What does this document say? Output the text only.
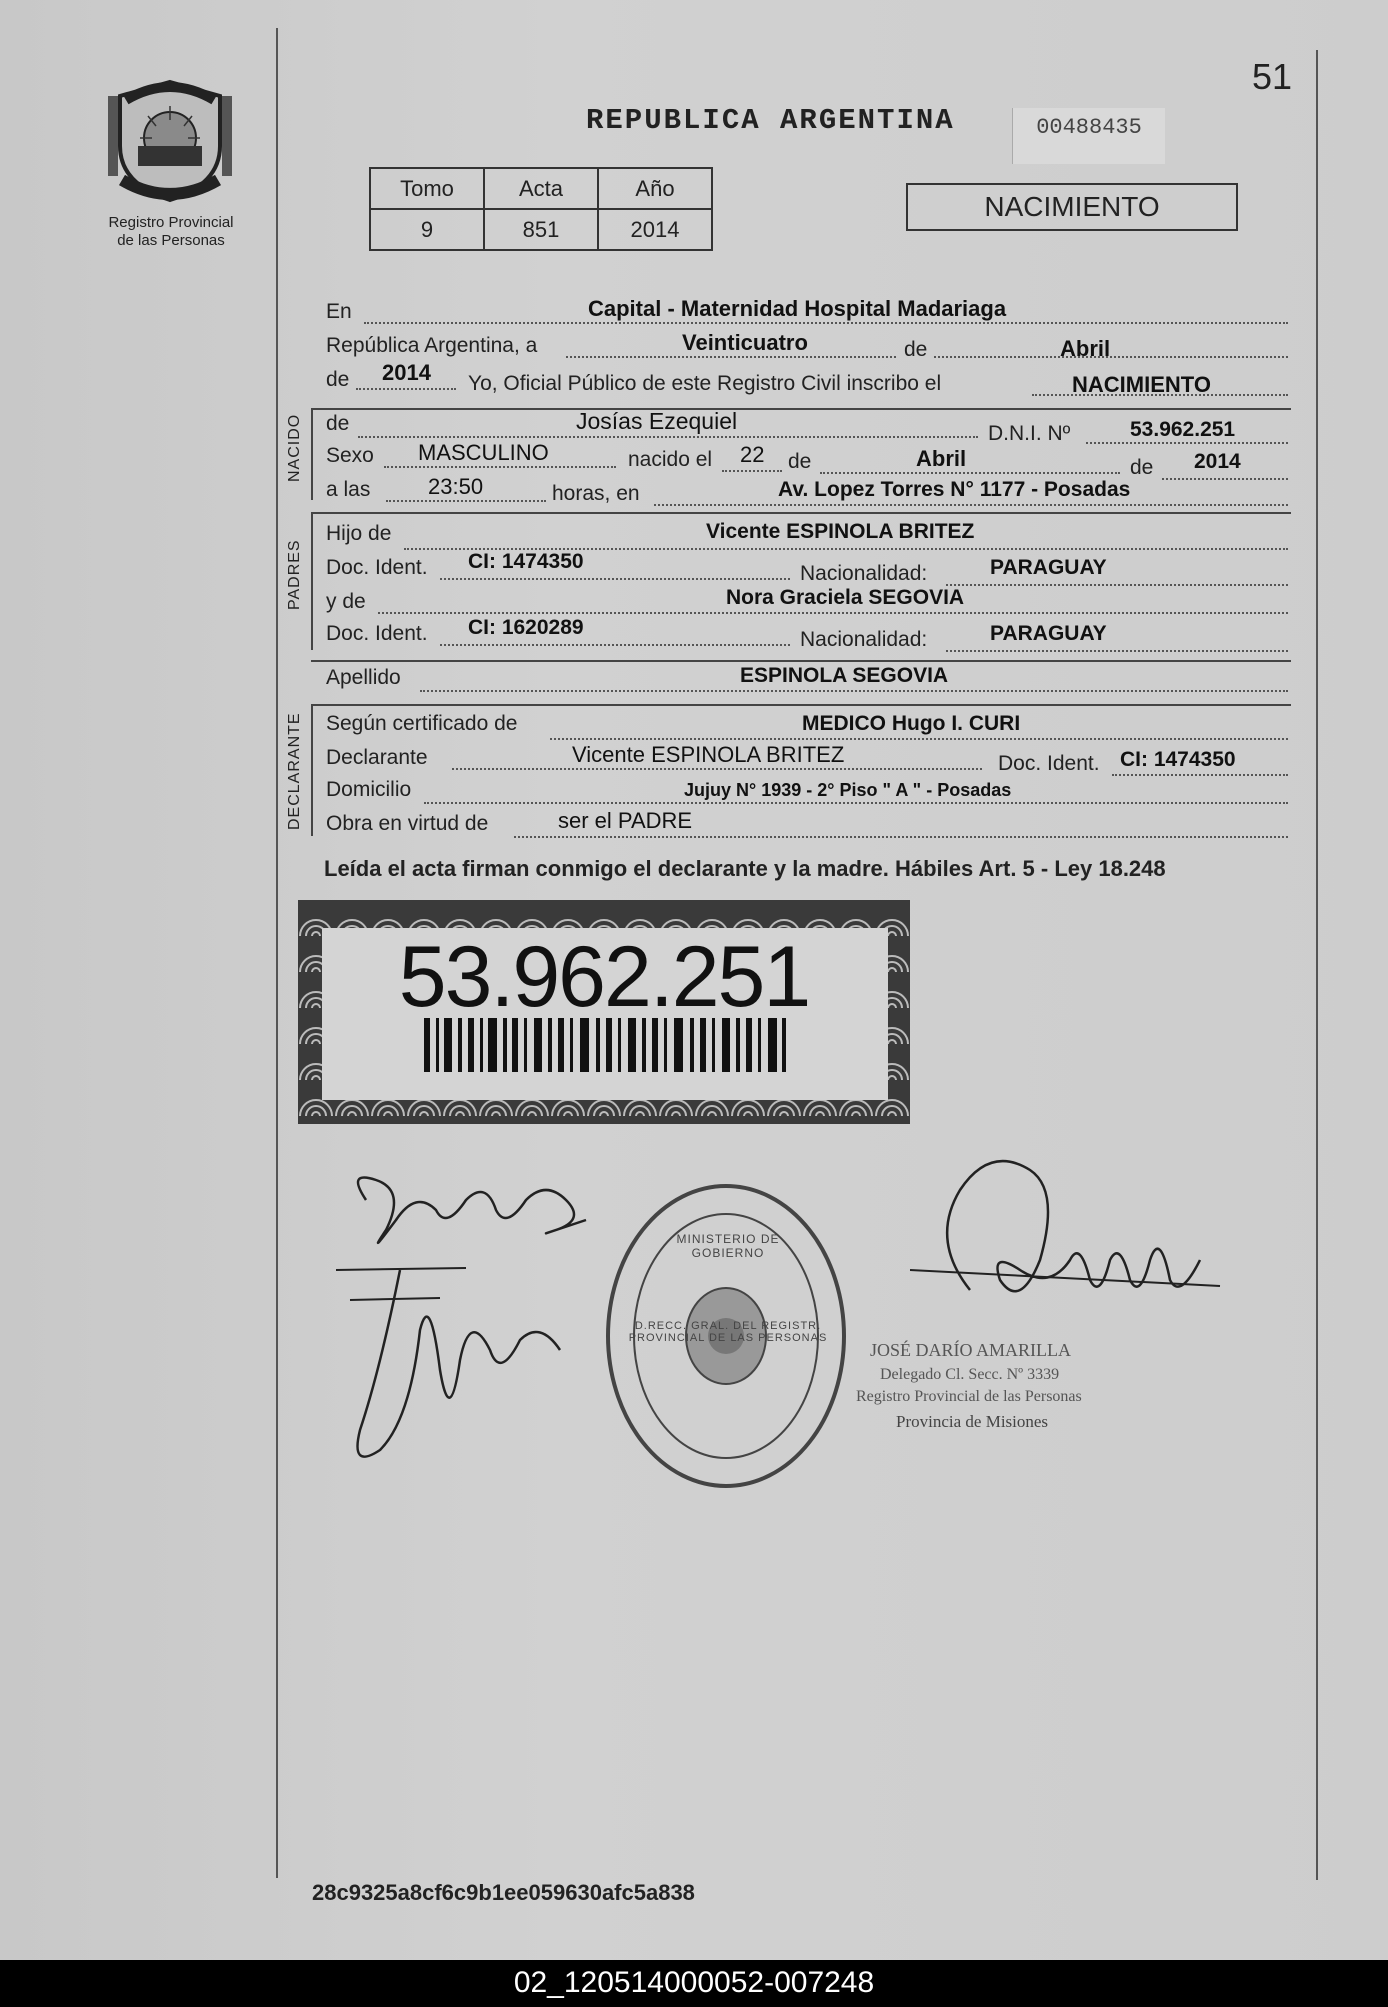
Registro Provincial
de las Personas
51
REPUBLICA ARGENTINA	00488435
Tomo	Acta	Año
9	851	2014
NACIMIENTO
En	Capital - Maternidad Hospital Madariaga
República Argentina, a	Veinticuatro	de	Abril
de 2014 Yo, Oficial Público de este Registro Civil inscribo el	NACIMIENTO
NACIDO de	Josías Ezequiel	D.N.I. Nº	53.962.251
Sexo MASCULINO	nacido el 22 de	Abril	de 2014
a las	23:50	horas, en	Av. Lopez Torres N° 1177 - Posadas
PADRES
Hijo de	Vicente ESPINOLA BRITEZ
Doc. Ident. CI: 1474350
Nacionalidad:	PARAGUAY
y de	Nora Graciela SEGOVIA
Doc. Ident. CI: 1620289
Nacionalidad:	PARAGUAY
Apellido	ESPINOLA SEGOVIA
DECLARANTE Según certificado de	MEDICO Hugo I. CURI
Declarante	Vicente ESPINOLA BRITEZ	Doc. Ident. CI: 1474350
Domicilio	Jujuy N° 1939 - 2° Piso " A " - Posadas
Obra en virtud de	ser el PADRE
Leída el acta firman conmigo el declarante y la madre. Hábiles Art. 5 - Ley 18.248
53.962.251
D.RECC. GRAL. DEL REGISTR. PROVINCIAL DE LAS PERSONAS
MINISTERIO DE GOBIERNO
JOSÉ DARÍO AMARILLA
Delegado Cl. Secc. Nº 3339
Registro Provincial de las Personas
Provincia de Misiones
28c9325a8cf6c9b1ee059630afc5a838
02_120514000052-007248
